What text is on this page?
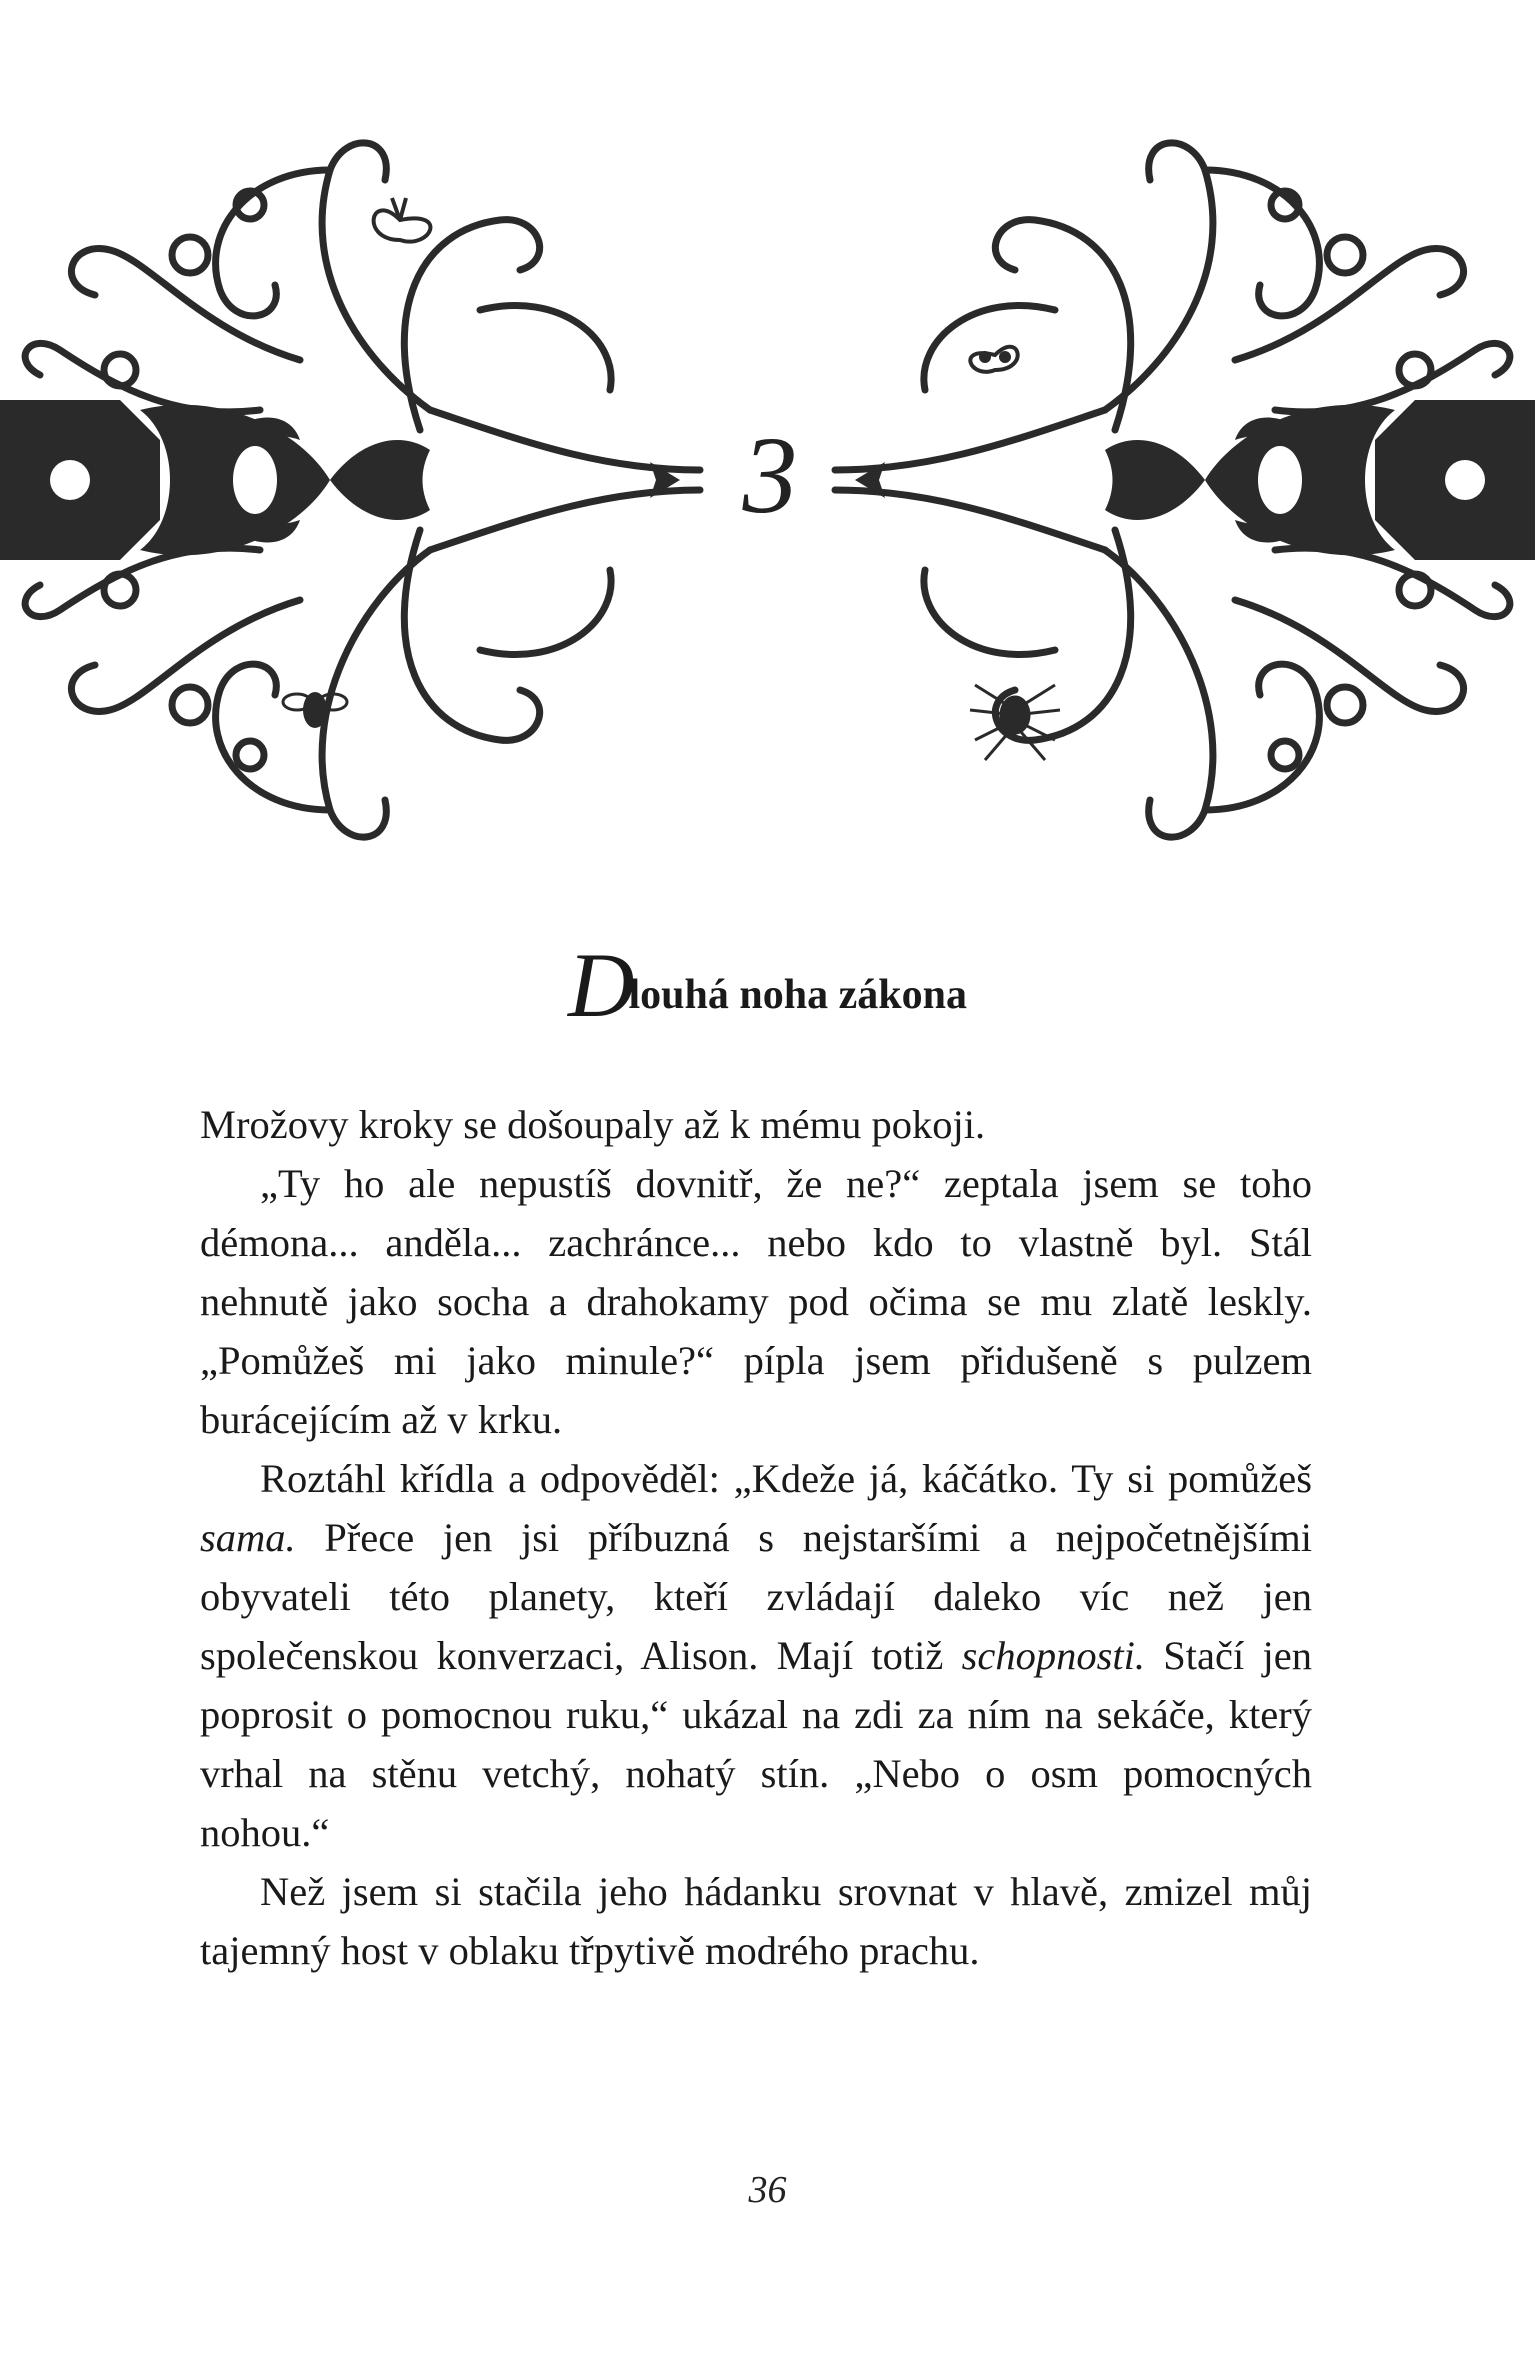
3
Dlouhá noha zákona

Mrožovy kroky se došoupaly až k mému pokoji.

„Ty ho ale nepustíš dovnitř, že ne?“ zeptala jsem se toho démona... anděla... zachránce... nebo kdo to vlastně byl. Stál nehnutě jako socha a drahokamy pod očima se mu zlatě leskly. „Pomůžeš mi jako minule?“ pípla jsem přidušeně s pulzem burácejícím až v krku.

Roztáhl křídla a odpověděl: „Kdeže já, káčátko. Ty si pomůžeš sama. Přece jen jsi příbuzná s nejstaršími a nejpočetnějšími obyvateli této planety, kteří zvládají daleko víc než jen společenskou konverzaci, Alison. Mají totiž schopnosti. Stačí jen poprosit o pomocnou ruku,“ ukázal na zdi za ním na sekáče, který vrhal na stěnu vetchý, nohatý stín. „Nebo o osm pomocných nohou.“

Než jsem si stačila jeho hádanku srovnat v hlavě, zmizel můj tajemný host v oblaku třpytivě modrého prachu.

36
